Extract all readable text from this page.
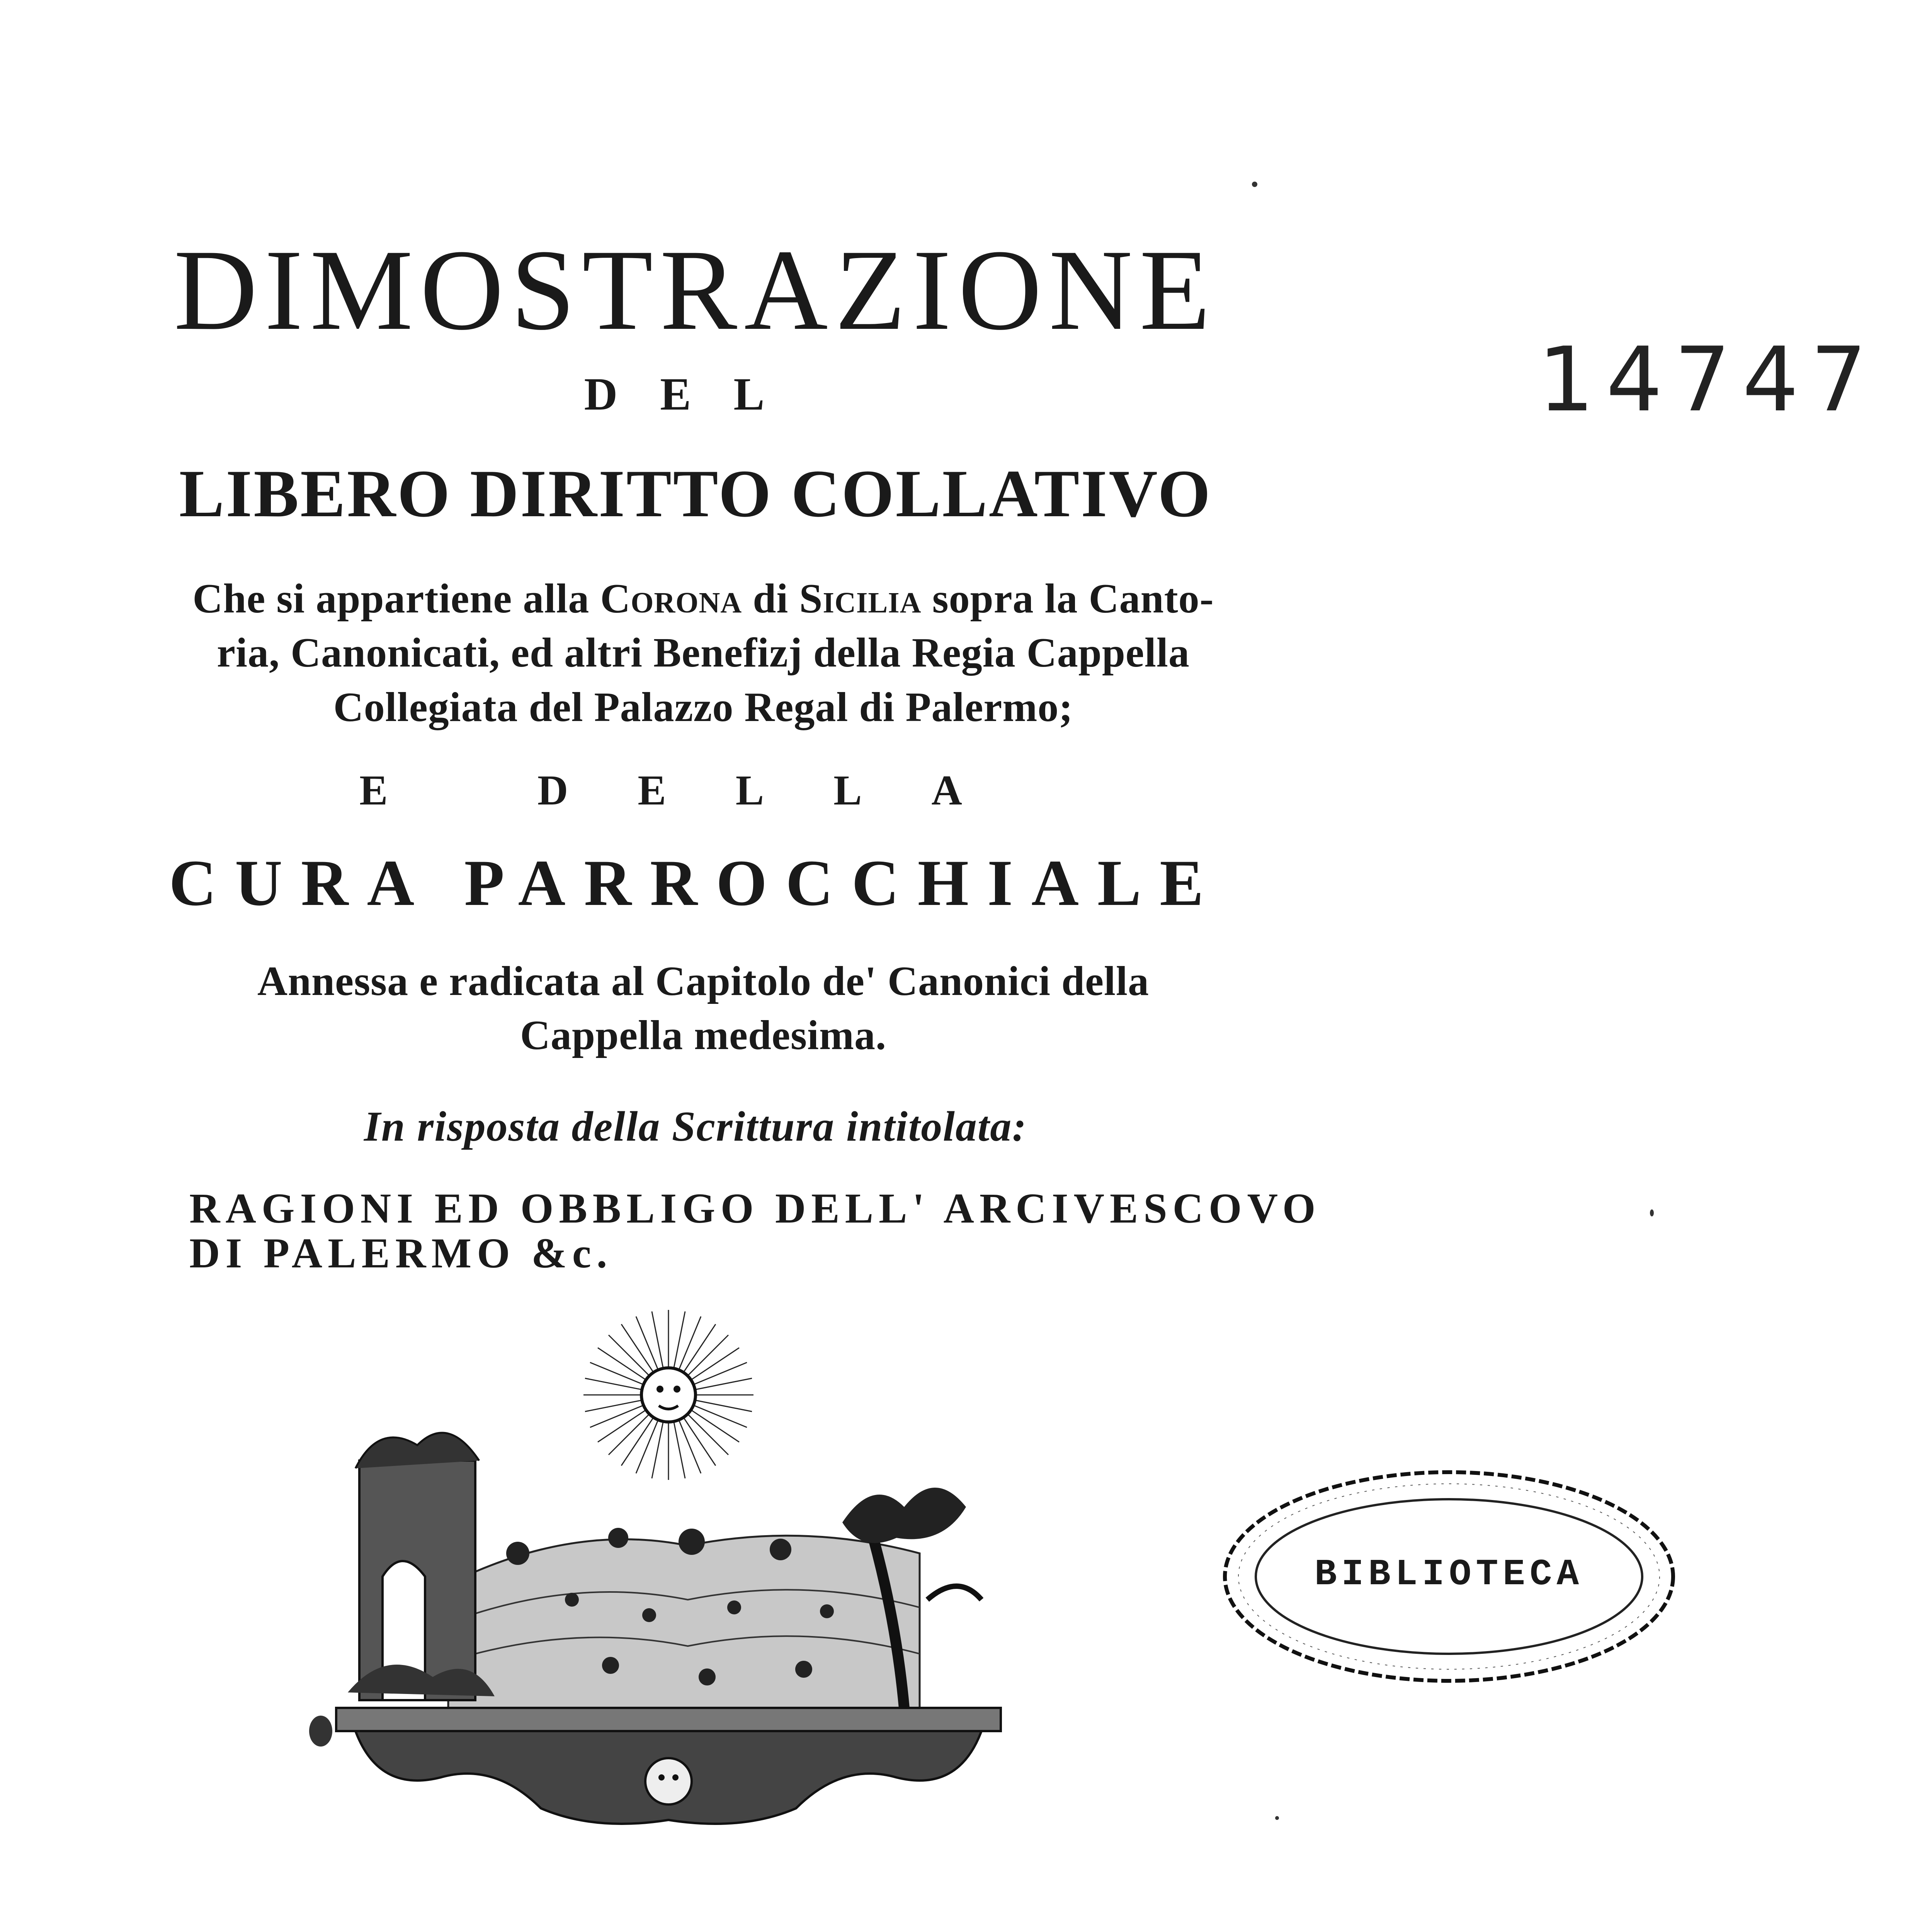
DIMOSTRAZIONE
DEL
LIBERO DIRITTO COLLATIVO
Che si appartiene alla Corona di Sicilia sopra la Canto-
ria, Canonicati, ed altri Benefizj della Regia Cappella
Collegiata del Palazzo Regal di Palermo;
E DELLA
CURA PARROCCHIALE
Annessa e radicata al Capitolo de' Canonici della
Cappella medesima.
In risposta della Scrittura intitolata:
RAGIONI ED OBBLIGO DELL' ARCIVESCOVO
DI PALERMO &c.
14747
BIBLIOTECA
